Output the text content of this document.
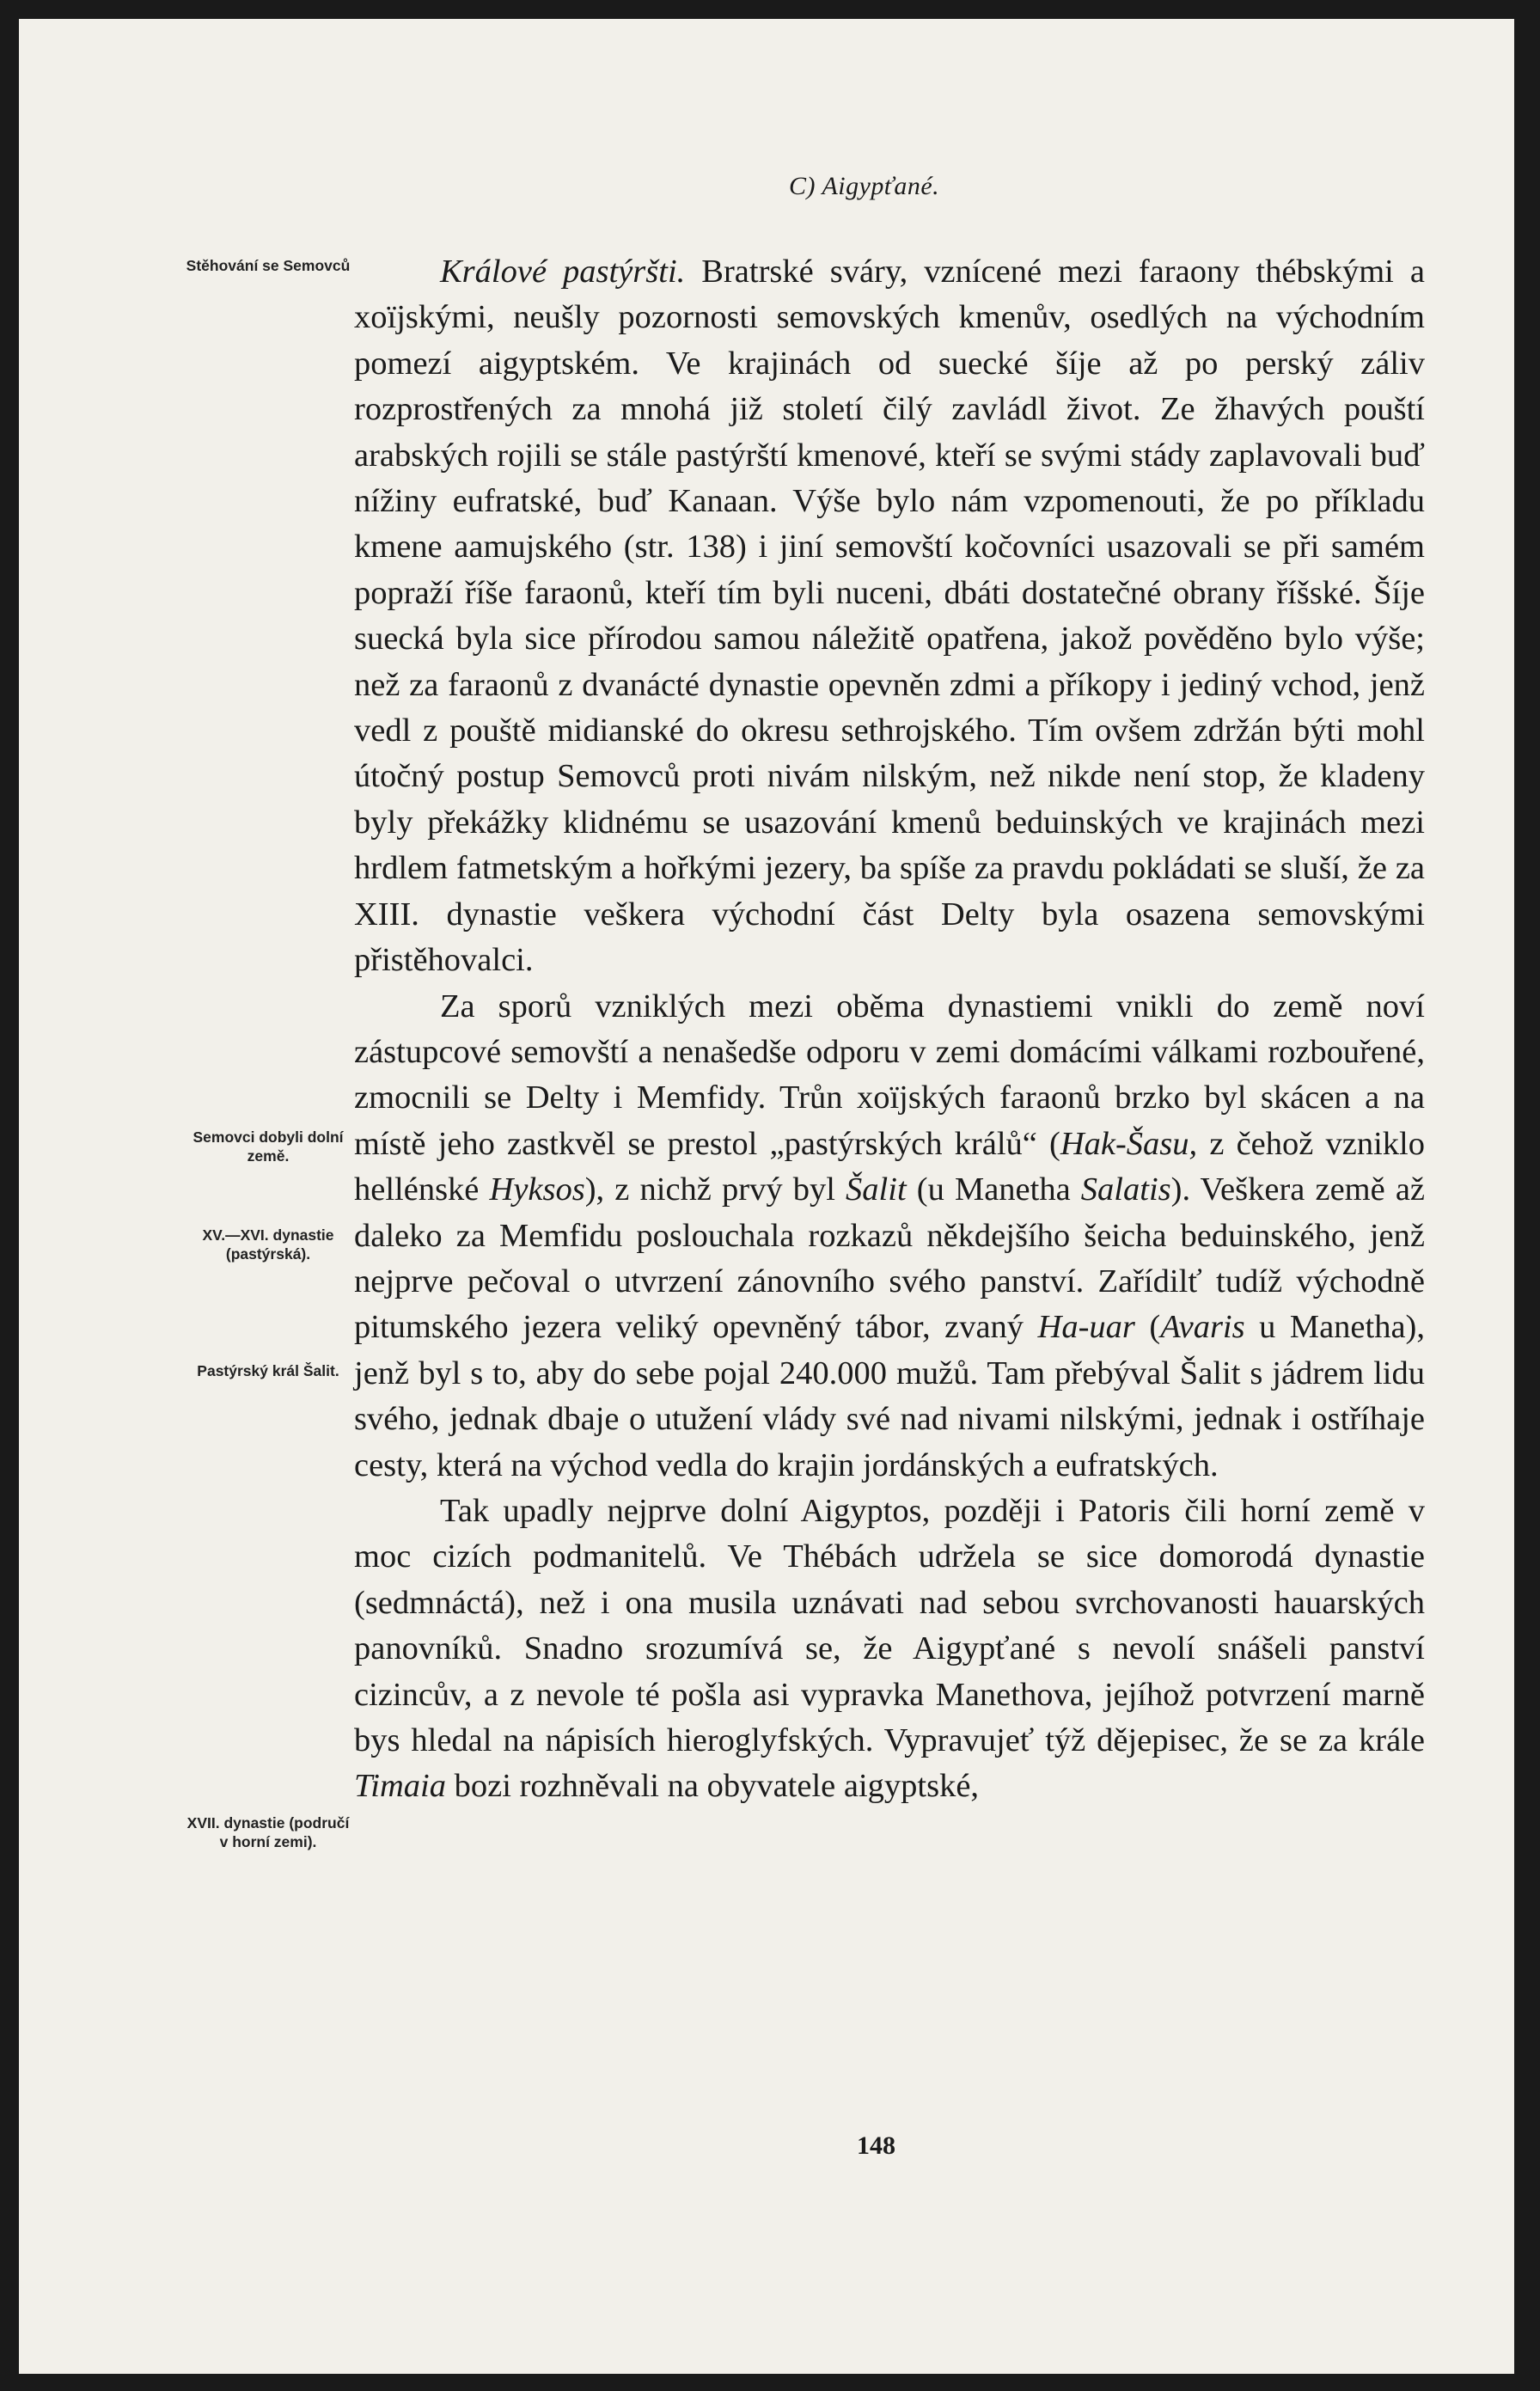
C) Aigypťané.
Stěhování se Semovců
Semovci dobyli dolní země.
XV.—XVI. dynastie (pastýrská).
Pastýrský král Šalit.
XVII. dynastie (područí v horní zemi).

Králové pastýršti. Bratrské sváry, vznícené mezi faraony thébskými a xoïjskými, neušly pozornosti semovských kmenův, osedlých na východním pomezí aigyptském. Ve krajinách od suecké šíje až po perský záliv rozprostřených za mnohá již století čilý zavládl život. Ze žhavých pouští arabských rojili se stále pastýrští kmenové, kteří se svými stády zaplavovali buď nížiny eufratské, buď Kanaan. Výše bylo nám vzpomenouti, že po příkladu kmene aamujského (str. 138) i jiní semovští kočovníci usazovali se při samém popraží říše faraonů, kteří tím byli nuceni, dbáti dostatečné obrany říšské. Šíje suecká byla sice přírodou samou náležitě opatřena, jakož pověděno bylo výše; než za faraonů z dvanácté dynastie opevněn zdmi a příkopy i jediný vchod, jenž vedl z pouště midianské do okresu sethrojského. Tím ovšem zdržán býti mohl útočný postup Semovců proti nivám nilským, než nikde není stop, že kladeny byly překážky klidnému se usazování kmenů beduinských ve krajinách mezi hrdlem fatmetským a hořkými jezery, ba spíše za pravdu pokládati se sluší, že za XIII. dynastie veškera východní část Delty byla osazena semovskými přistěhovalci.

Za sporů vzniklých mezi oběma dynastiemi vnikli do země noví zástupcové semovští a nenašedše odporu v zemi domácími válkami rozbouřené, zmocnili se Delty i Memfidy. Trůn xoïjských faraonů brzko byl skácen a na místě jeho zastkvěl se prestol „pastýrských králů“ (Hak-Šasu, z čehož vzniklo hellénské Hyksos), z nichž prvý byl Šalit (u Manetha Salatis). Veškera země až daleko za Memfidu poslouchala rozkazů někdejšího šeicha beduinského, jenž nejprve pečoval o utvrzení zánovního svého panství. Zařídilť tudíž východně pitumského jezera veliký opevněný tábor, zvaný Ha-uar (Avaris u Manetha), jenž byl s to, aby do sebe pojal 240.000 mužů. Tam přebýval Šalit s jádrem lidu svého, jednak dbaje o utužení vlády své nad nivami nilskými, jednak i ostříhaje cesty, která na východ vedla do krajin jordánských a eufratských.

Tak upadly nejprve dolní Aigyptos, později i Patoris čili horní země v moc cizích podmanitelů. Ve Thébách udržela se sice domorodá dynastie (sedmnáctá), než i ona musila uznávati nad sebou svrchovanosti hauarských panovníků. Snadno srozumívá se, že Aigypťané s nevolí snášeli panství cizincův, a z nevole té pošla asi vypravka Manethova, jejíhož potvrzení marně bys hledal na nápisích hieroglyfských. Vypravujeť týž dějepisec, že se za krále Timaia bozi rozhněvali na obyvatele aigyptské,

148
